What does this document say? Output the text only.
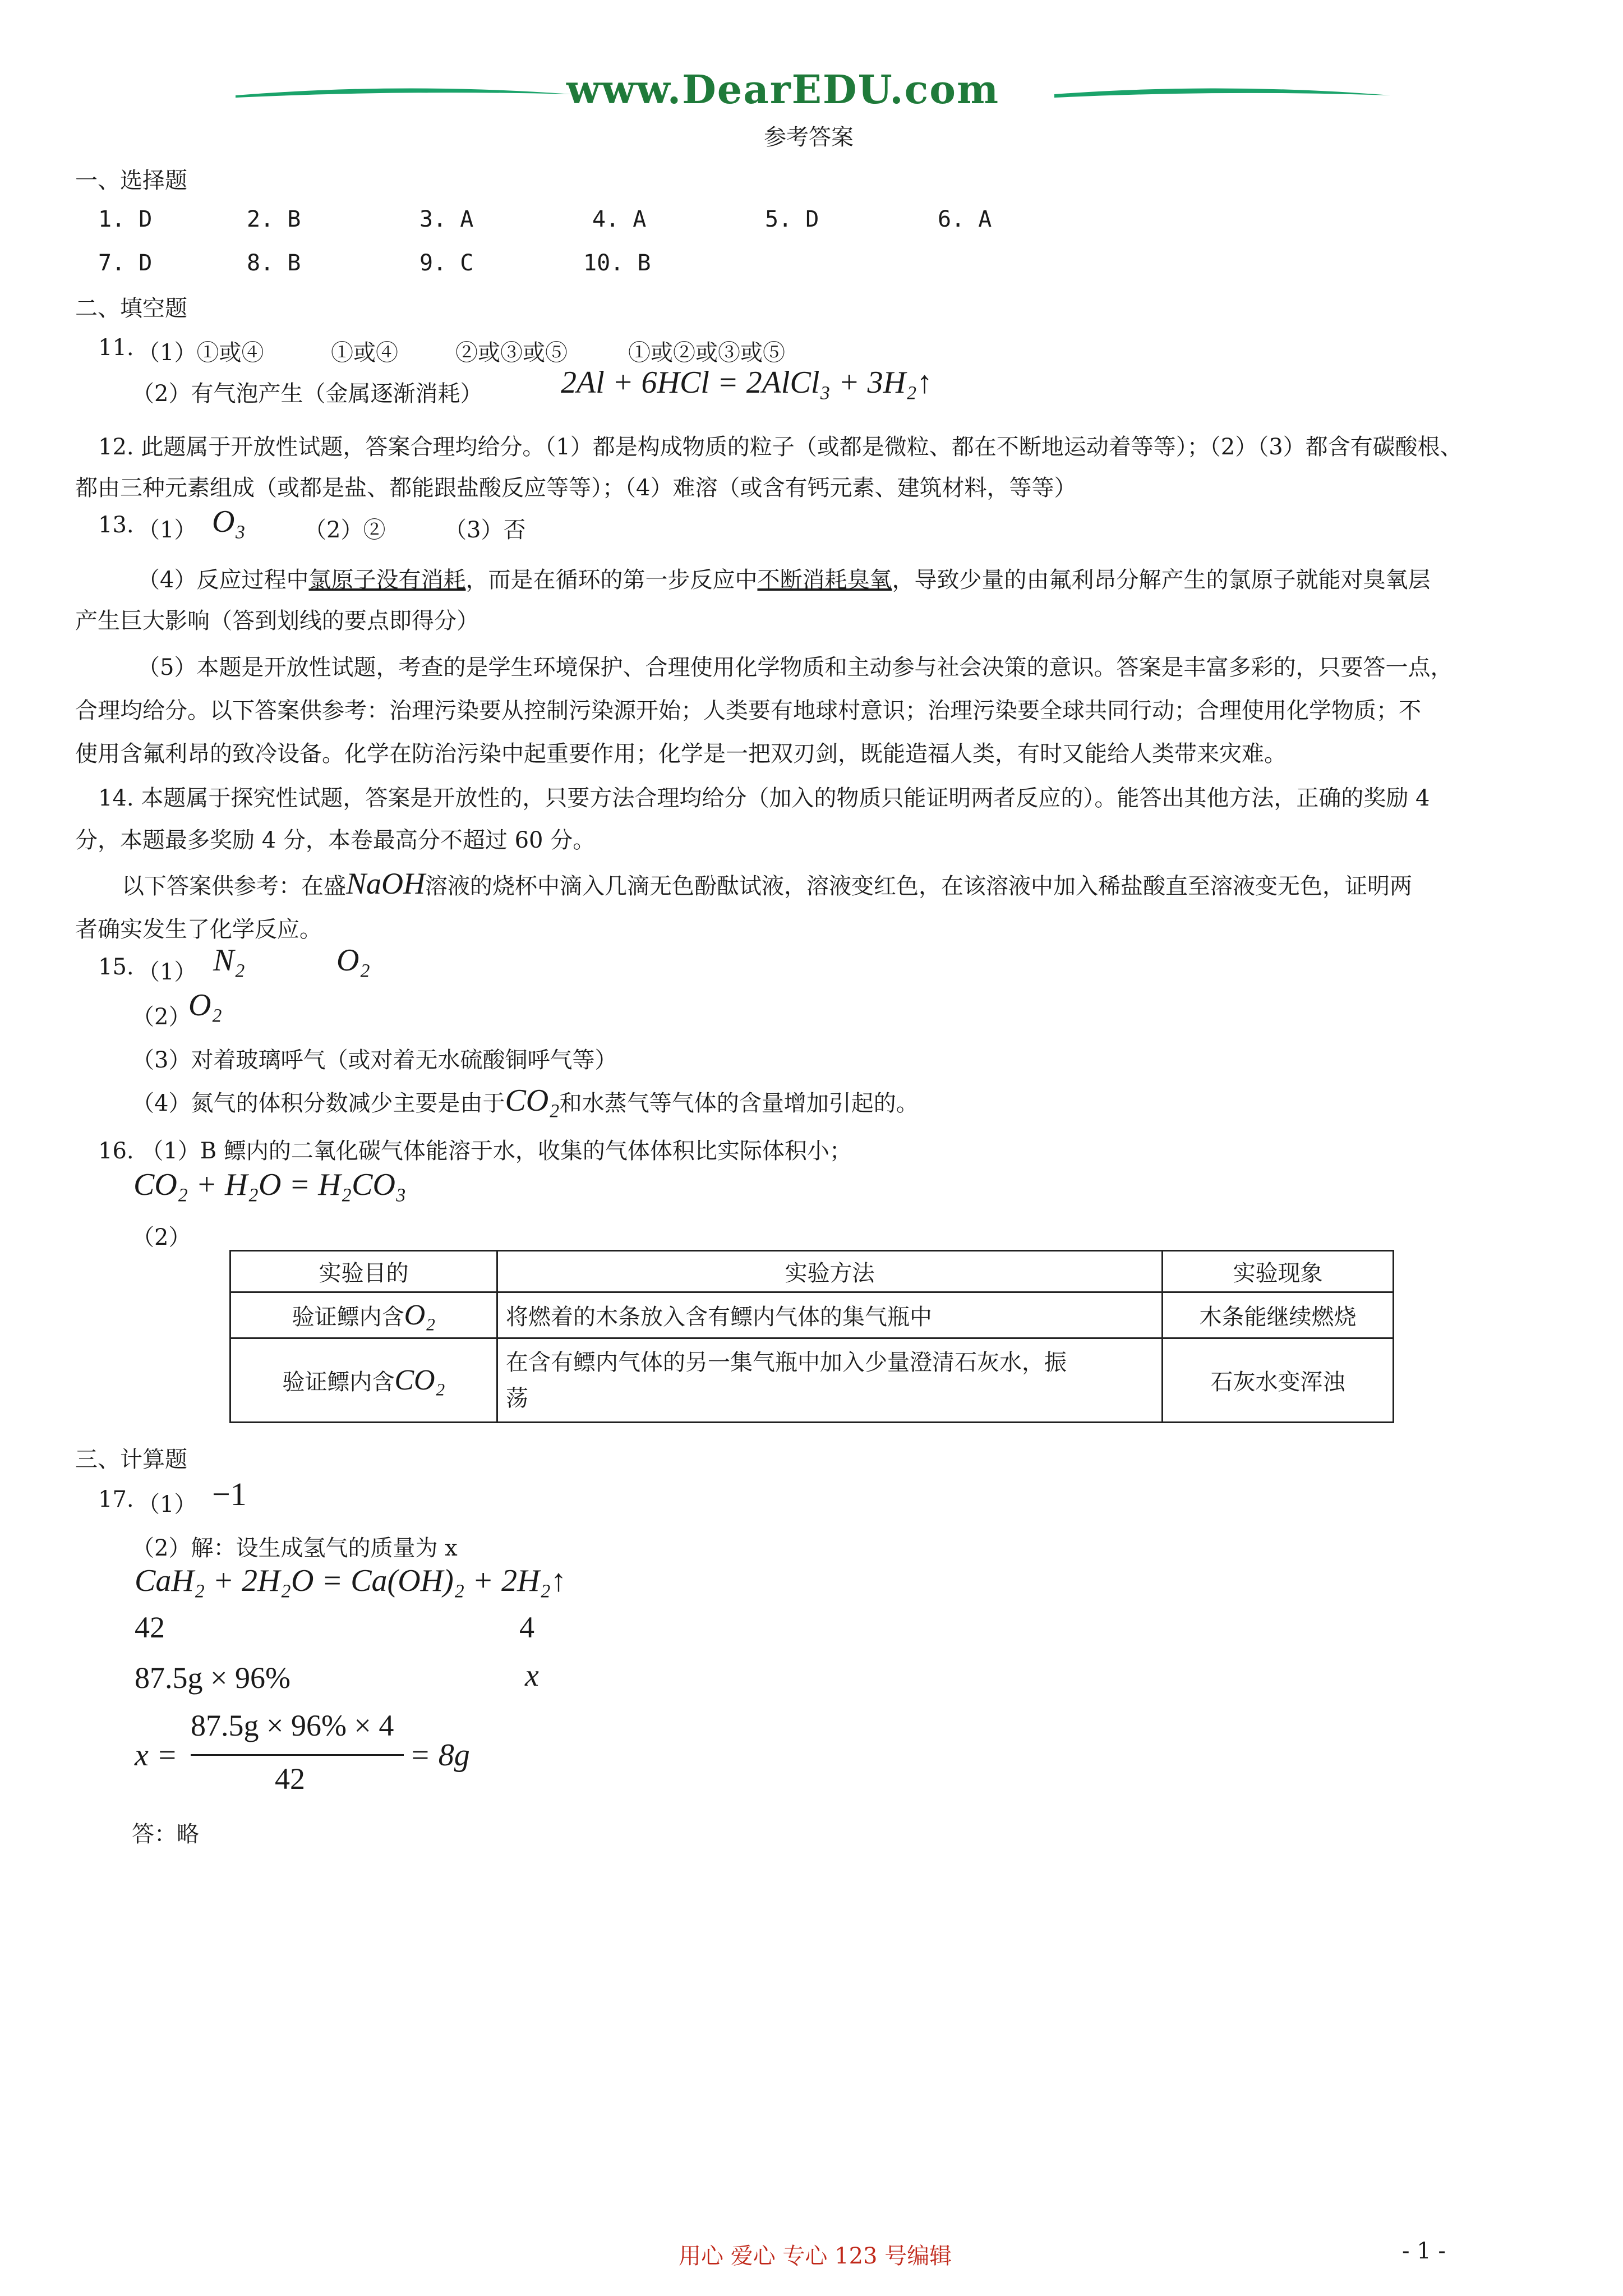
www.DearEDU.com
参考答案
一、选择题
1. D	2. B	3. A	4. A	5. D	6. A
7. D	8. B	9. C	10. B
二、填空题
11. （1）①或④	①或④	②或③或⑤	①或②或③或⑤
（2）有气泡产生（金属逐渐消耗） 2Al + 6HCl = 2AlCl₃ + 3H₂↑
12. 此题属于开放性试题，答案合理均给分。（1）都是构成物质的粒子（或都是微粒、都在不断地运动着等等）；（2）（3）都含有碳酸根、
都由三种元素组成（或都是盐、都能跟盐酸反应等等）；（4）难溶（或含有钙元素、建筑材料，等等）
13. （1） O₃	（2）②	（3）否
（4）反应过程中氯原子没有消耗，而是在循环的第一步反应中不断消耗臭氧，导致少量的由氟利昂分解产生的氯原子就能对臭氧层
产生巨大影响（答到划线的要点即得分）
（5）本题是开放性试题，考查的是学生环境保护、合理使用化学物质和主动参与社会决策的意识。答案是丰富多彩的，只要答一点，
合理均给分。以下答案供参考：治理污染要从控制污染源开始；人类要有地球村意识；治理污染要全球共同行动；合理使用化学物质；不
使用含氟利昂的致冷设备。化学在防治污染中起重要作用；化学是一把双刃剑，既能造福人类，有时又能给人类带来灾难。
14. 本题属于探究性试题，答案是开放性的，只要方法合理均给分（加入的物质只能证明两者反应的）。能答出其他方法，正确的奖励 4
分，本题最多奖励 4 分，本卷最高分不超过 60 分。
以下答案供参考：在盛NaOH溶液的烧杯中滴入几滴无色酚酞试液，溶液变红色，在该溶液中加入稀盐酸直至溶液变无色，证明两
者确实发生了化学反应。
15. （1） N₂	O₂
（2）
O₂
（3）对着玻璃呼气（或对着无水硫酸铜呼气等）
（4）氮气的体积分数减少主要是由于CO₂和水蒸气等气体的含量增加引起的。
16. （1）B 鳔内的二氧化碳气体能溶于水，收集的气体体积比实际体积小；
CO₂ + H₂O = H₂CO₃
（2）
实验目的	实验方法	实验现象
验证鳔内含O₂	将燃着的木条放入含有鳔内气体的集气瓶中	木条能继续燃烧
验证鳔内含CO₂	在含有鳔内气体的另一集气瓶中加入少量澄清石灰水，振
荡	石灰水变浑浊
三、计算题
17. （1） −1
（2）解：设生成氢气的质量为 x
CaH₂ + 2H₂O = Ca(OH)₂ + 2H₂↑
42	4
87.5g × 96%	x
x =
87.5g × 96% × 4
42
= 8g
答：略
用心 爱心 专心 123 号编辑	- 1 -
